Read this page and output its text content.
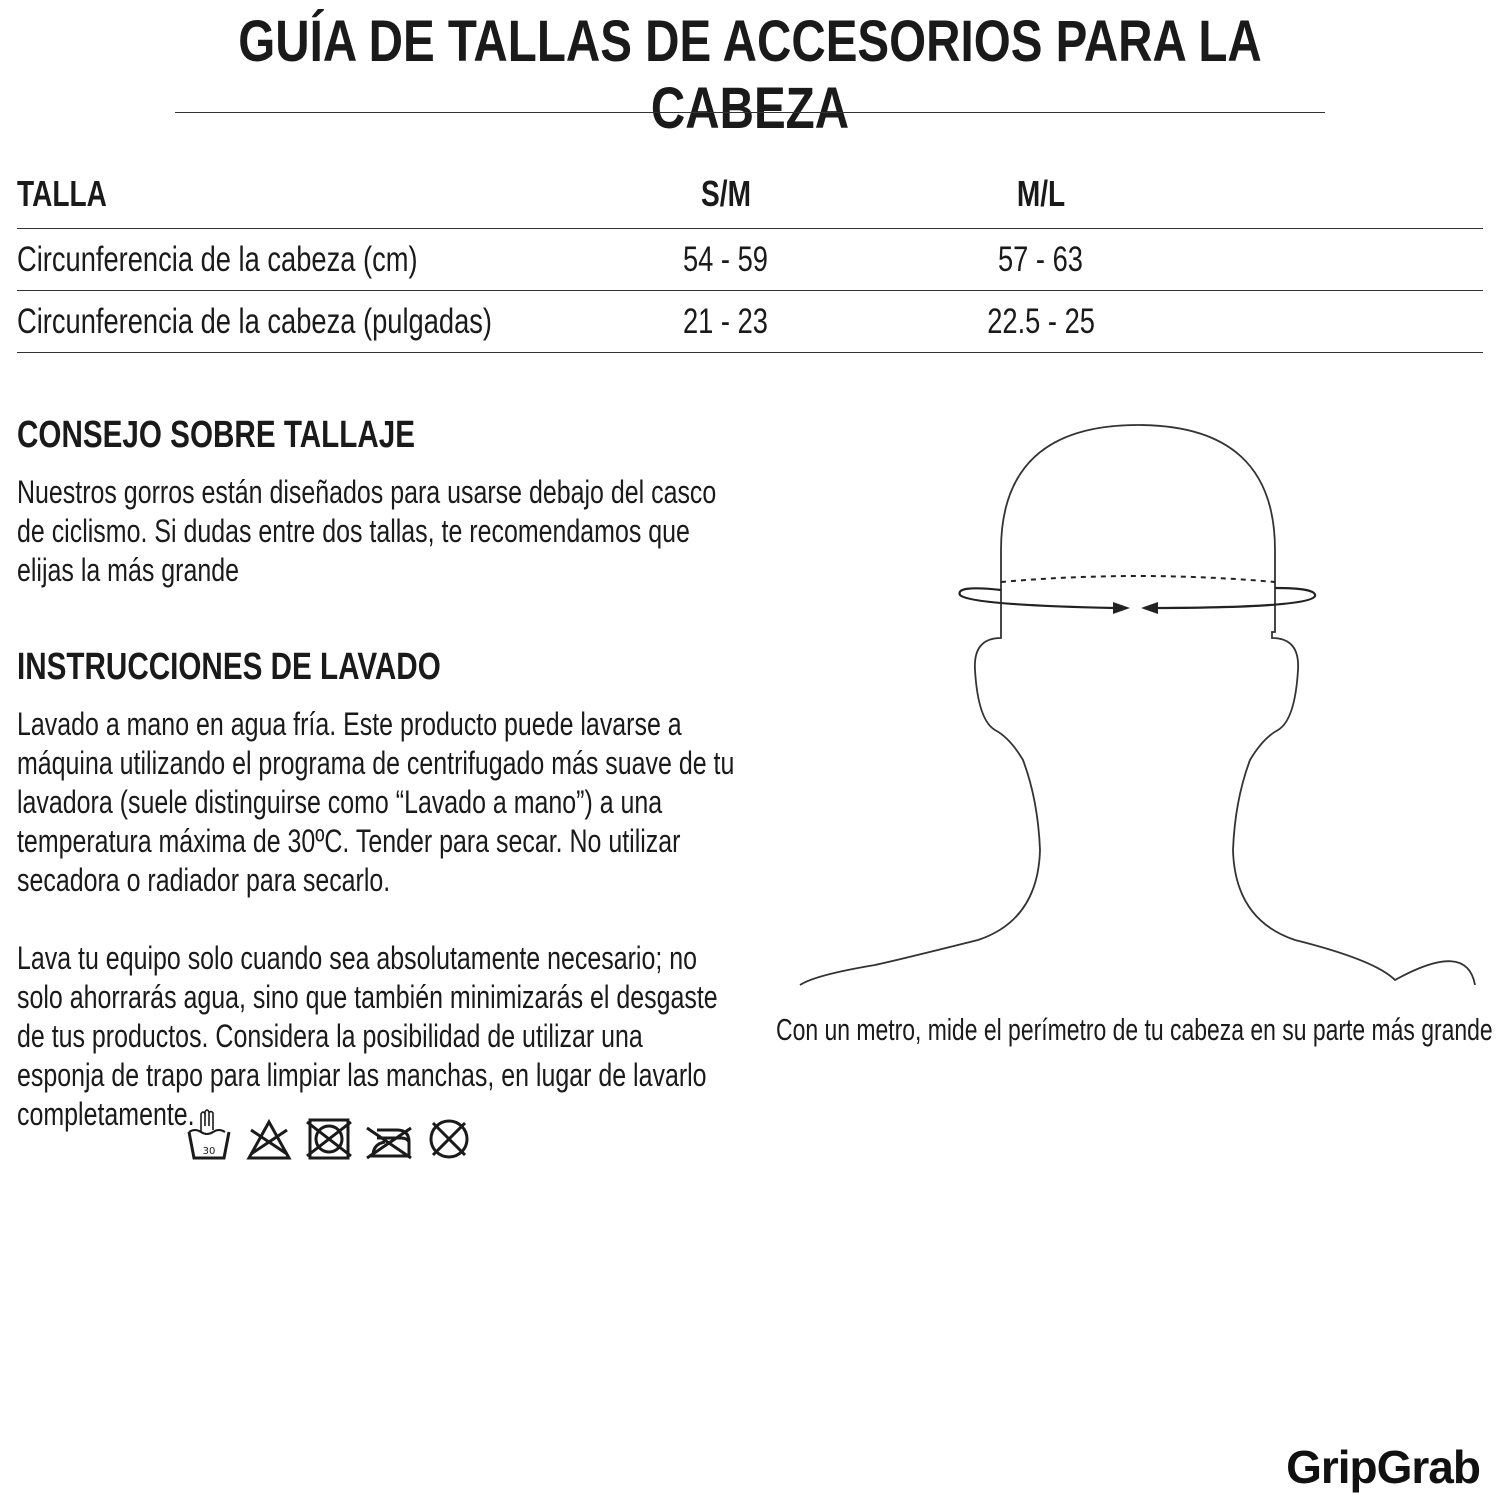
GUÍA DE TALLAS DE ACCESORIOS PARA LA CABEZA
TALLA	S/M	M/L	
Circunferencia de la cabeza (cm)	54 - 59	57 - 63	
Circunferencia de la cabeza (pulgadas)	21 - 23	22.5 - 25	
CONSEJO SOBRE TALLAJE
Nuestros gorros están diseñados para usarse debajo del casco de ciclismo. Si dudas entre dos tallas, te recomendamos que elijas la más grande
INSTRUCCIONES DE LAVADO
Lavado a mano en agua fría. Este producto puede lavarse a máquina utilizando el programa de centrifugado más suave de tu lavadora (suele distinguirse como “Lavado a mano”) a una temperatura máxima de 30ºC. Tender para secar. No utilizar secadora o radiador para secarlo.
Lava tu equipo solo cuando sea absolutamente necesario; no solo ahorrarás agua, sino que también minimizarás el desgaste de tus productos. Considera la posibilidad de utilizar una esponja de trapo para limpiar las manchas, en lugar de lavarlo completamente.
30
Con un metro, mide el perímetro de tu cabeza en su parte más grande
GripGrab
